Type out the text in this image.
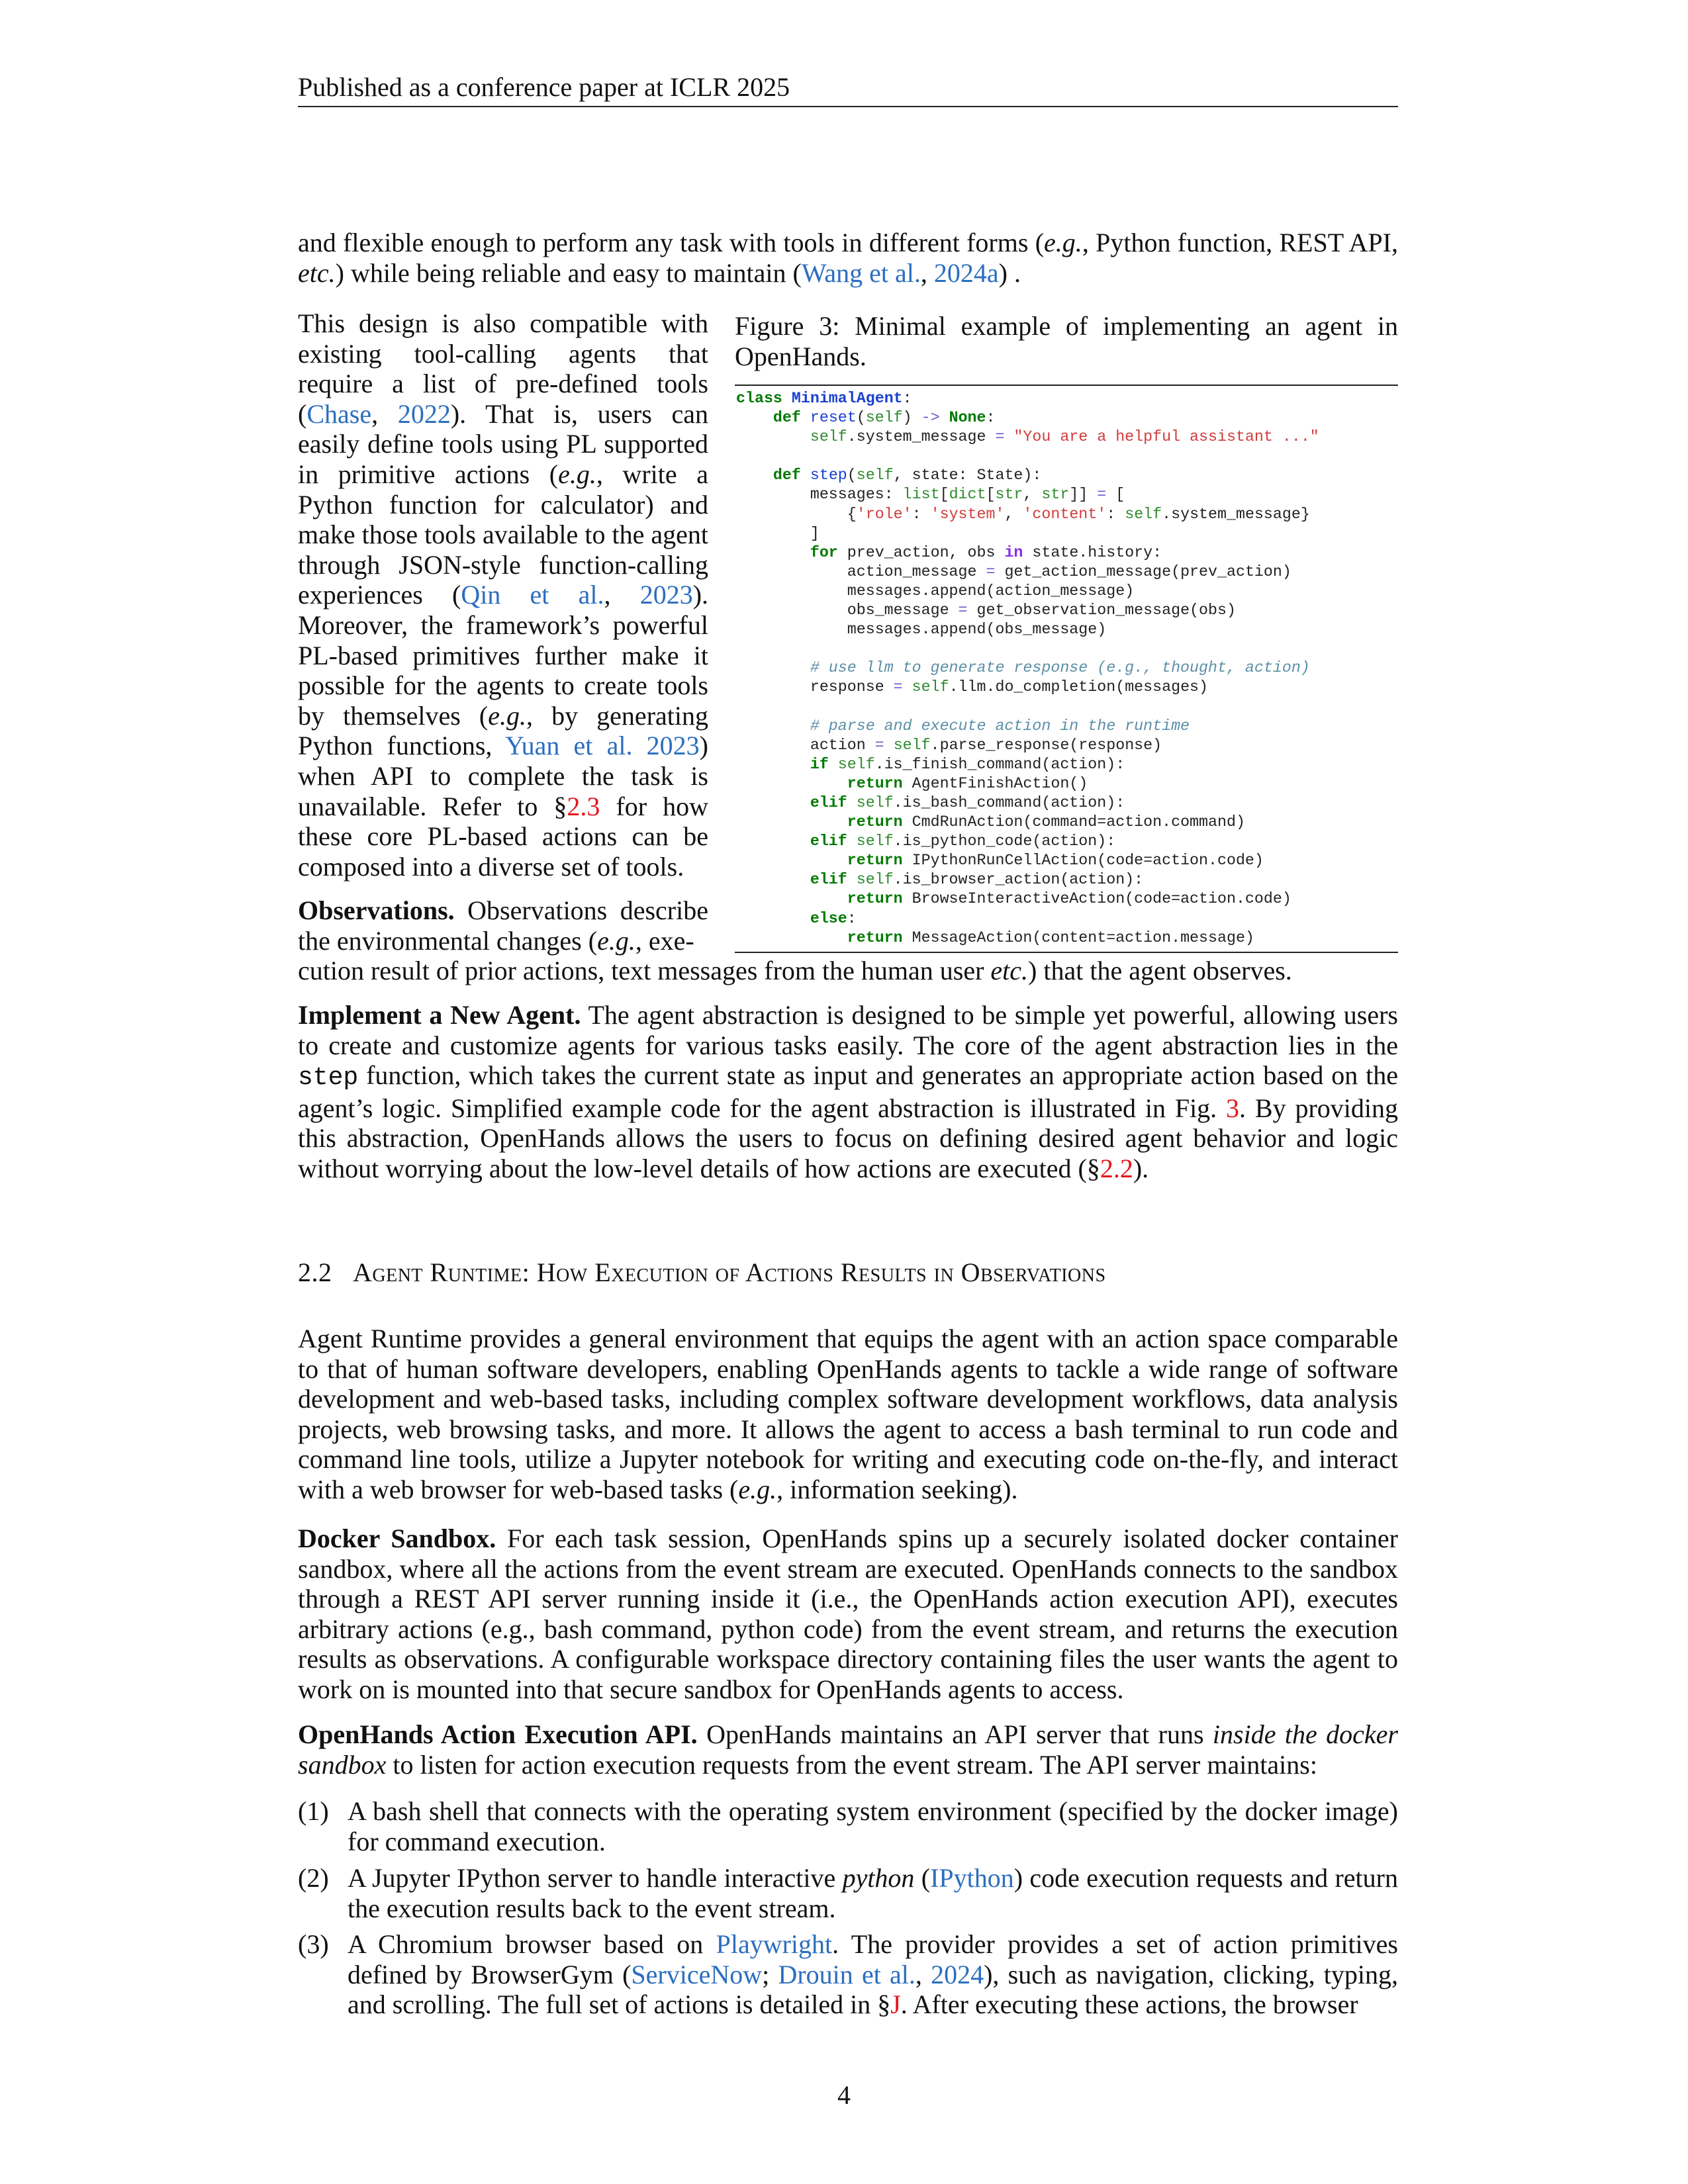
Published as a conference paper at ICLR 2025

and flexible enough to perform any task with tools in different forms (e.g., Python function, REST API, etc.) while being reliable and easy to maintain (Wang et al., 2024a) .

This design is also compatible with existing tool-calling agents that require a list of pre-defined tools (Chase, 2022). That is, users can easily define tools using PL supported in primitive actions (e.g., write a Python function for calculator) and make those tools available to the agent through JSON-style function-calling experiences (Qin et al., 2023). Moreover, the framework’s powerful PL-based primitives further make it possible for the agents to create tools by themselves (e.g., by generating Python functions, Yuan et al. 2023) when API to complete the task is unavailable. Refer to §2.3 for how these core PL-based actions can be composed into a diverse set of tools.

Observations. Observations describe the environmental changes (e.g., exe-

cution result of prior actions, text messages from the human user etc.) that the agent observes.

Figure 3: Minimal example of implementing an agent in OpenHands.
class MinimalAgent:
def reset(self) -> None:
self.system_message = "You are a helpful assistant ..."

def step(self, state: State):
messages: list[dict[str, str]] = [
{'role': 'system', 'content': self.system_message}
]
for prev_action, obs in state.history:
action_message = get_action_message(prev_action)
messages.append(action_message)
obs_message = get_observation_message(obs)
messages.append(obs_message)

# use llm to generate response (e.g., thought, action)
response = self.llm.do_completion(messages)

# parse and execute action in the runtime
action = self.parse_response(response)
if self.is_finish_command(action):
return AgentFinishAction()
elif self.is_bash_command(action):
return CmdRunAction(command=action.command)
elif self.is_python_code(action):
return IPythonRunCellAction(code=action.code)
elif self.is_browser_action(action):
return BrowseInteractiveAction(code=action.code)
else:
return MessageAction(content=action.message)

Implement a New Agent. The agent abstraction is designed to be simple yet powerful, allowing users to create and customize agents for various tasks easily. The core of the agent abstraction lies in the step function, which takes the current state as input and generates an appropriate action based on the agent’s logic. Simplified example code for the agent abstraction is illustrated in Fig. 3. By providing this abstraction, OpenHands allows the users to focus on defining desired agent behavior and logic without worrying about the low-level details of how actions are executed (§2.2).

2.2 Agent Runtime: How Execution of Actions Results in Observations

Agent Runtime provides a general environment that equips the agent with an action space comparable to that of human software developers, enabling OpenHands agents to tackle a wide range of software development and web-based tasks, including complex software development workflows, data analysis projects, web browsing tasks, and more. It allows the agent to access a bash terminal to run code and command line tools, utilize a Jupyter notebook for writing and executing code on-the-fly, and interact with a web browser for web-based tasks (e.g., information seeking).

Docker Sandbox. For each task session, OpenHands spins up a securely isolated docker container sandbox, where all the actions from the event stream are executed. OpenHands connects to the sandbox through a REST API server running inside it (i.e., the OpenHands action execution API), executes arbitrary actions (e.g., bash command, python code) from the event stream, and returns the execution results as observations. A configurable workspace directory containing files the user wants the agent to work on is mounted into that secure sandbox for OpenHands agents to access.

OpenHands Action Execution API. OpenHands maintains an API server that runs inside the docker sandbox to listen for action execution requests from the event stream. The API server maintains:

(1) A bash shell that connects with the operating system environment (specified by the docker image) for command execution.
(2) A Jupyter IPython server to handle interactive python (IPython) code execution requests and return the execution results back to the event stream.
(3) A Chromium browser based on Playwright. The provider provides a set of action primitives defined by BrowserGym (ServiceNow; Drouin et al., 2024), such as navigation, clicking, typing, and scrolling. The full set of actions is detailed in §J. After executing these actions, the browser
4
